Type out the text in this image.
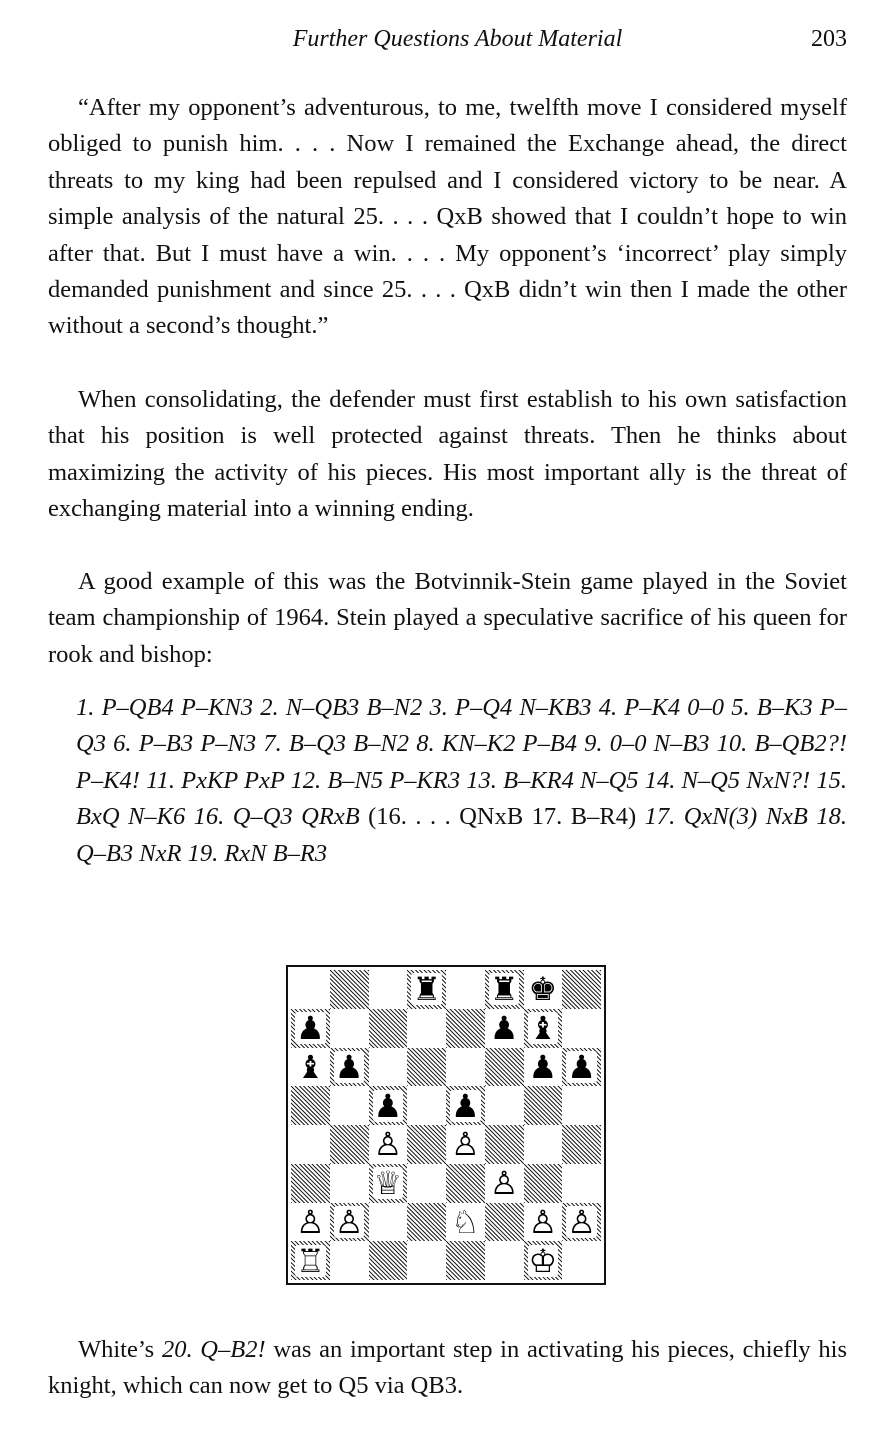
Further Questions About Material	203

“After my opponent’s adventurous, to me, twelfth move I considered myself obliged to punish him. . . . Now I remained the Exchange ahead, the direct threats to my king had been repulsed and I considered victory to be near. A simple analysis of the natural 25. . . . QxB showed that I couldn’t hope to win after that. But I must have a win. . . . My opponent’s ‘incorrect’ play simply demanded punishment and since 25. . . . QxB didn’t win then I made the other without a second’s thought.”

When consolidating, the defender must first establish to his own satisfaction that his position is well protected against threats. Then he thinks about maximizing the activity of his pieces. His most important ally is the threat of exchanging material into a winning ending.

A good example of this was the Botvinnik-Stein game played in the Soviet team championship of 1964. Stein played a speculative sacrifice of his queen for rook and bishop:

1. P–QB4 P–KN3 2. N–QB3 B–N2 3. P–Q4 N–KB3 4. P–K4 0–0 5. B–K3 P–Q3 6. P–B3 P–N3 7. B–Q3 B–N2 8. KN–K2 P–B4 9. 0–0 N–B3 10. B–QB2?! P–K4! 11. PxKP PxP 12. B–N5 P–KR3 13. B–KR4 N–Q5 14. N–Q5 NxN?! 15. BxQ N–K6 16. Q–Q3 QRxB (16. . . . QNxB 17. B–R4) 17. QxN(3) NxB 18. Q–B3 NxR 19. RxN B–R3

♜ ♜ ♚
♟	♟ ♝
♝ ♟	♟ ♟
♟ ♟
♙ ♙
♕	♙
♙ ♙	♘ ♙ ♙
♖	♔

White’s 20. Q–B2! was an important step in activating his pieces, chiefly his knight, which can now get to Q5 via QB3.
